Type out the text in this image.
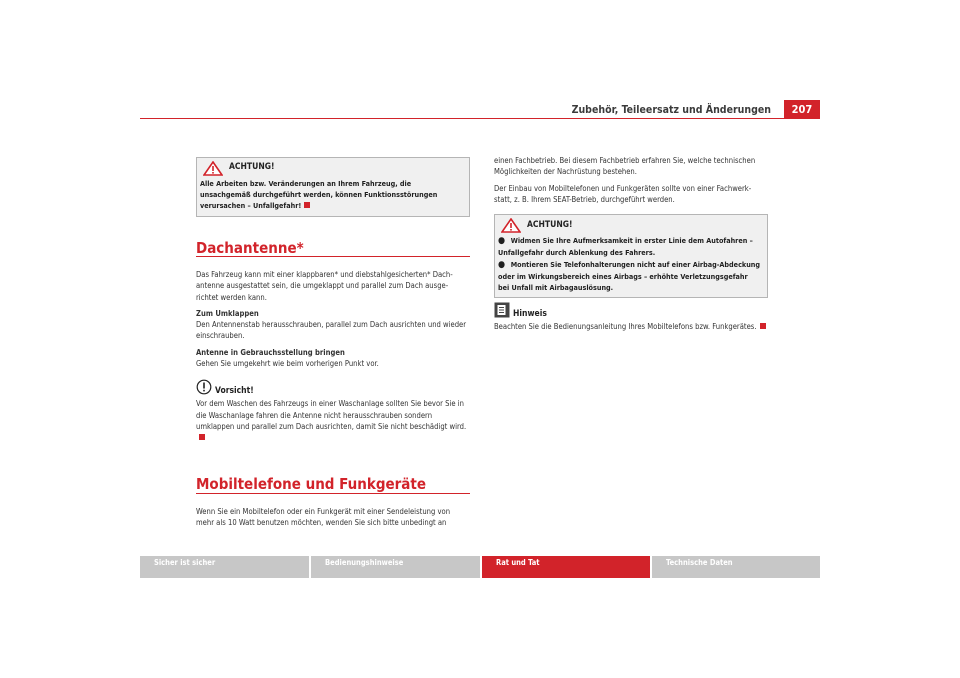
Zubehör, Teileersatz und Änderungen	207
ACHTUNG!
Alle Arbeiten bzw. Veränderungen an Ihrem Fahrzeug, die unsachgemäß durchgeführt werden, können Funktionsstörungen verursachen – Unfallgefahr!
Dachantenne*

Das Fahrzeug kann mit einer klappbaren* und diebstahlgesicherten* Dach-antenne ausgestattet sein, die umgeklappt und parallel zum Dach ausge-richtet werden kann.

Zum Umklappen

Den Antennenstab herausschrauben, parallel zum Dach ausrichten und wieder einschrauben.

Antenne in Gebrauchsstellung bringen

Gehen Sie umgekehrt wie beim vorherigen Punkt vor.

Vorsicht!

Vor dem Waschen des Fahrzeugs in einer Waschanlage sollten Sie bevor Sie in die Waschanlage fahren die Antenne nicht herausschrauben sondern umklappen und parallel zum Dach ausrichten, damit Sie nicht beschädigt wird.

Mobiltelefone und Funkgeräte

Wenn Sie ein Mobiltelefon oder ein Funkgerät mit einer Sendeleistung von mehr als 10 Watt benutzen möchten, wenden Sie sich bitte unbedingt an

einen Fachbetrieb. Bei diesem Fachbetrieb erfahren Sie, welche technischen Möglichkeiten der Nachrüstung bestehen.

Der Einbau von Mobiltelefonen und Funkgeräten sollte von einer Fachwerk-statt, z. B. Ihrem SEAT-Betrieb, durchgeführt werden.

ACHTUNG!
●  Widmen Sie Ihre Aufmerksamkeit in erster Linie dem Autofahren – Unfallgefahr durch Ablenkung des Fahrers.
●  Montieren Sie Telefonhalterungen nicht auf einer Airbag-Abdeckung oder im Wirkungsbereich eines Airbags – erhöhte Verletzungsgefahr bei Unfall mit Airbagauslösung.
Hinweis

Beachten Sie die Bedienungsanleitung Ihres Mobiltelefons bzw. Funkgerätes.

Sicher ist sicher	Bedienungshinweise	Rat und Tat	Technische Daten
